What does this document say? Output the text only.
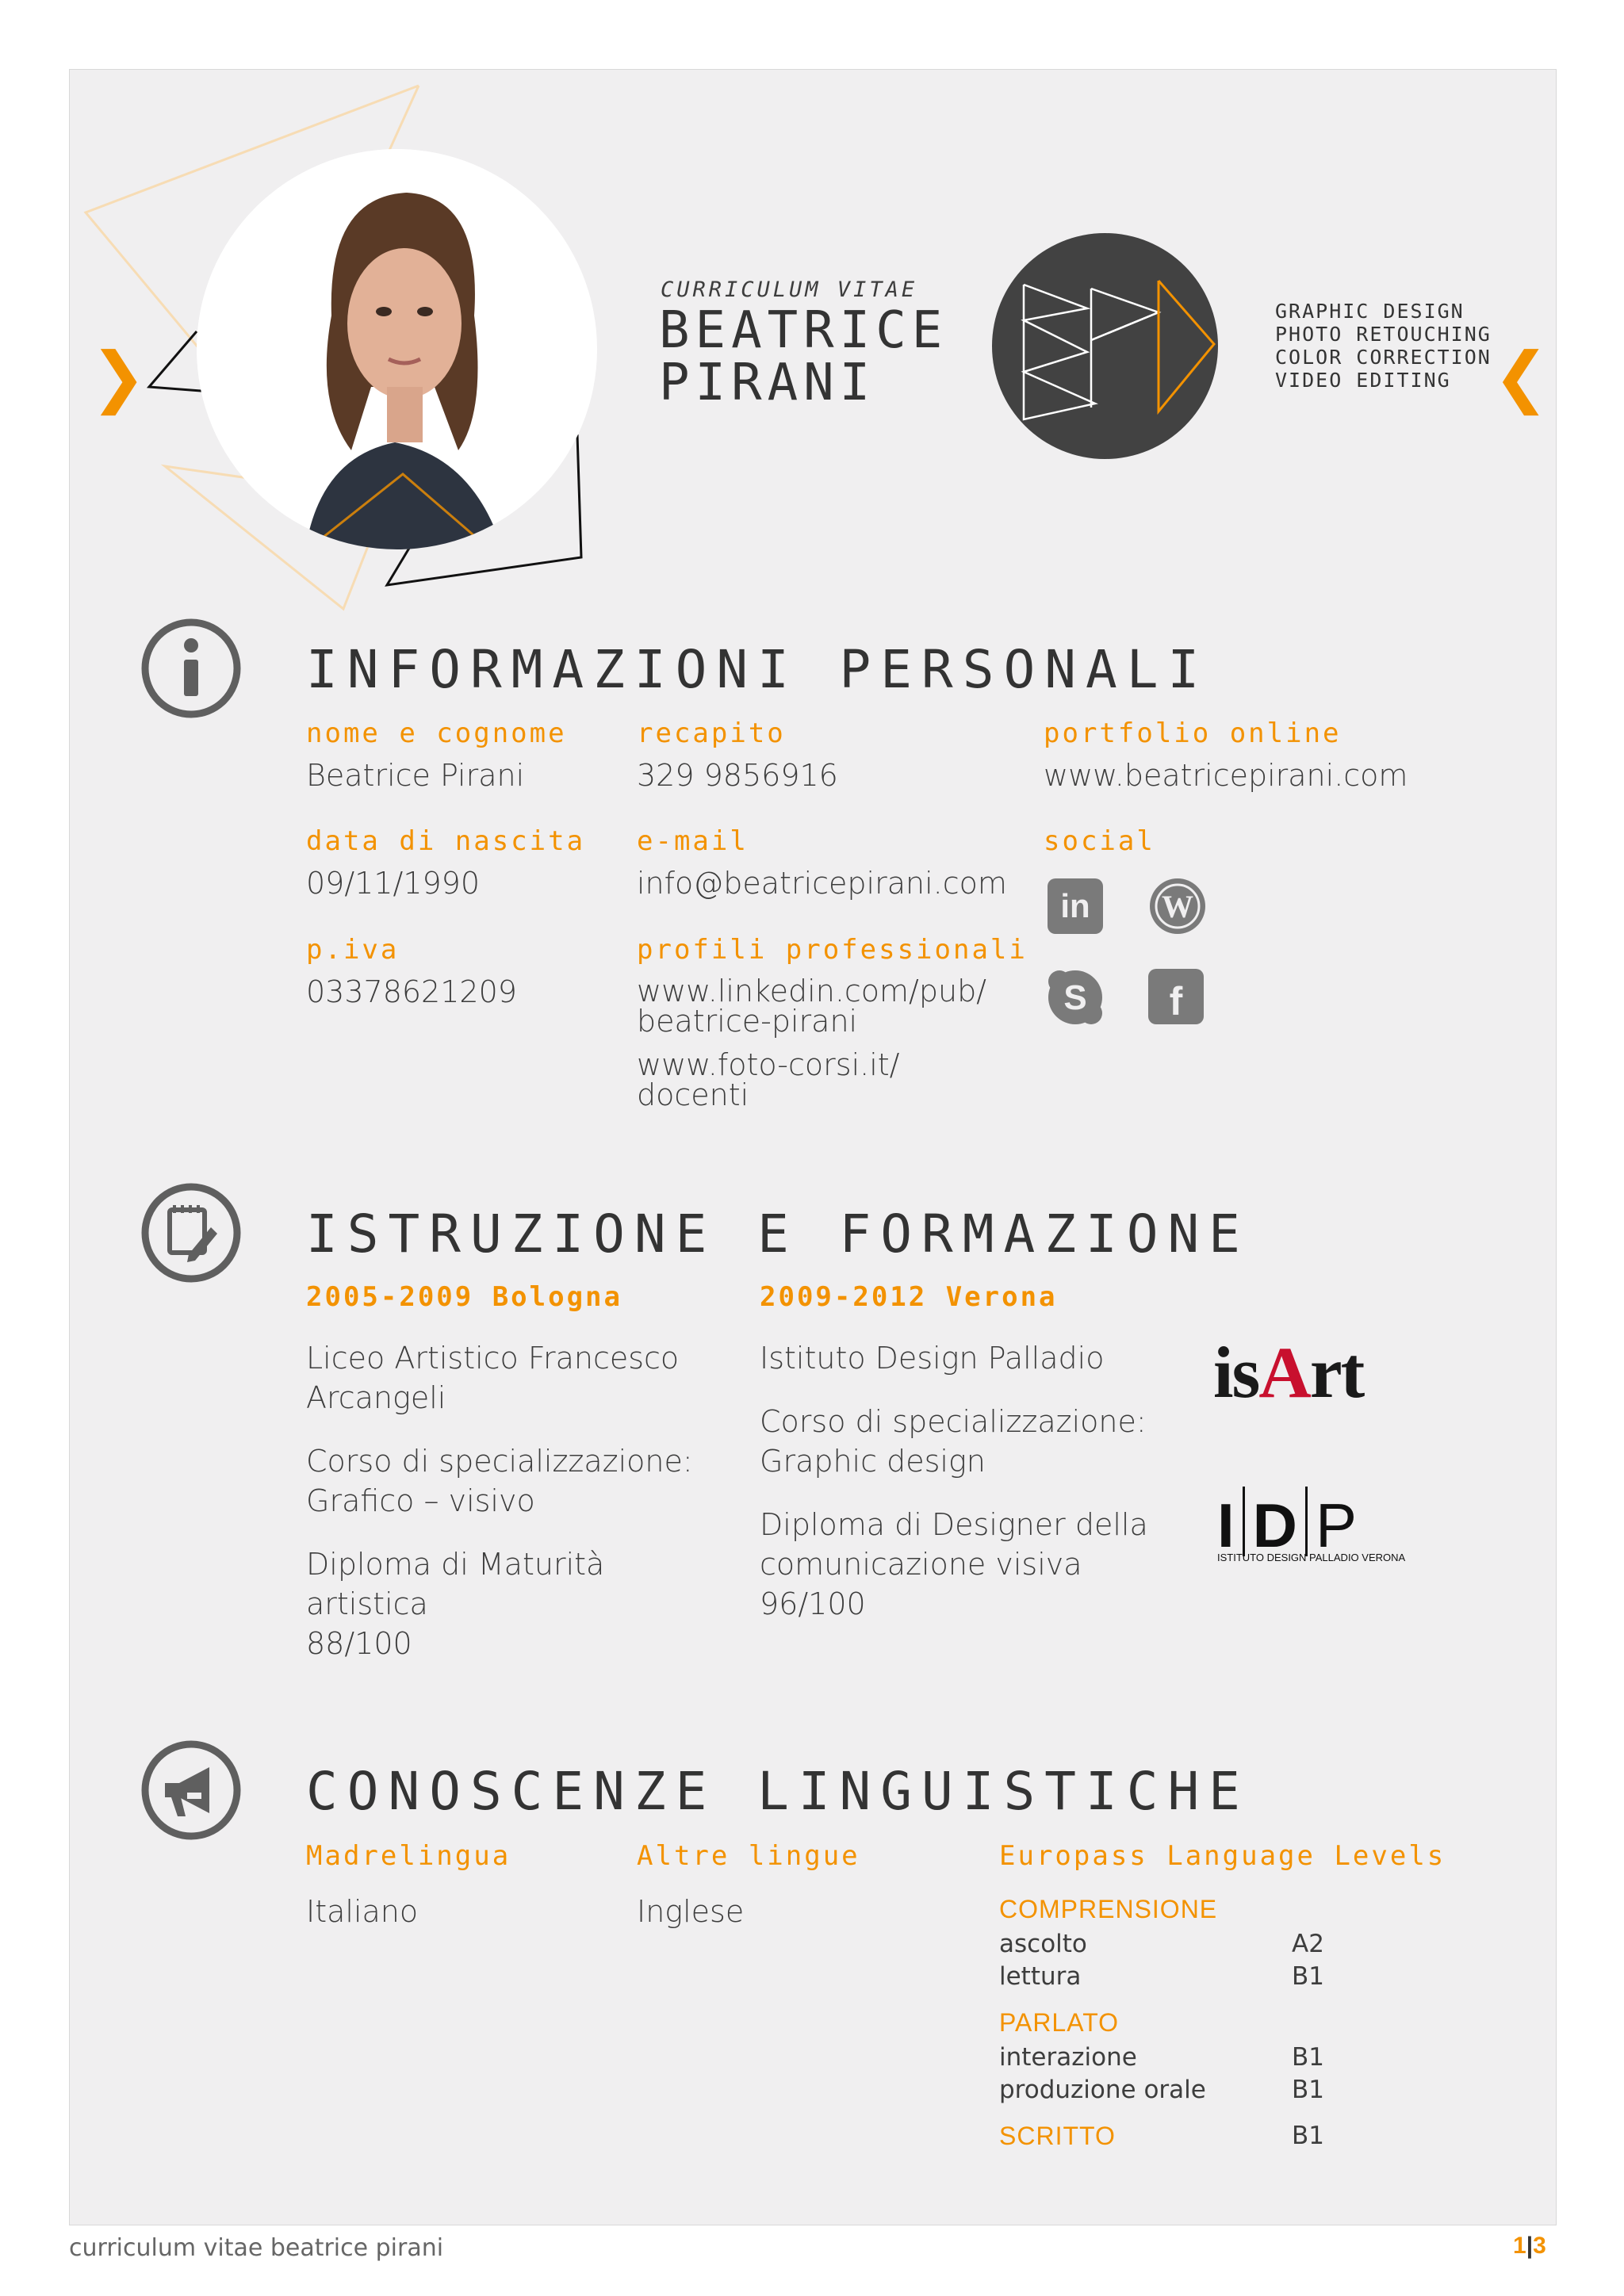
CURRICULUM VITAE
BEATRICE
PIRANI
GRAPHIC DESIGN
PHOTO RETOUCHING
COLOR CORRECTION
VIDEO EDITING
❯	❮
INFORMAZIONI PERSONALI
nome e cognome
Beatrice Pirani
data di nascita
09/11/1990
p.iva
03378621209
recapito
329 9856916
e-mail
info@beatricepirani.com
profili professionali
www.linkedin.com/pub/
beatrice-pirani
www.foto-corsi.it/
docenti
portfolio online
www.beatricepirani.com
social
in	W
S	f
ISTRUZIONE E FORMAZIONE
2005-2009 Bologna
Liceo Artistico Francesco
Arcangeli
Corso di specializzazione:
Grafico – visivo
Diploma di Maturità
artistica
88/100
2009-2012 Verona
Istituto Design Palladio
Corso di specializzazione:
Graphic design
Diploma di Designer della
comunicazione visiva
96/100
isArt
I D P
ISTITUTO DESIGN PALLADIO VERONA
CONOSCENZE LINGUISTICHE
Madrelingua
Italiano
Altre lingue
Inglese
Europass Language Levels
COMPRENSIONE
ascolto	A2
lettura	B1
PARLATO
interazione	B1
produzione orale	B1
SCRITTO	B1
curriculum vitae beatrice pirani	1|3
